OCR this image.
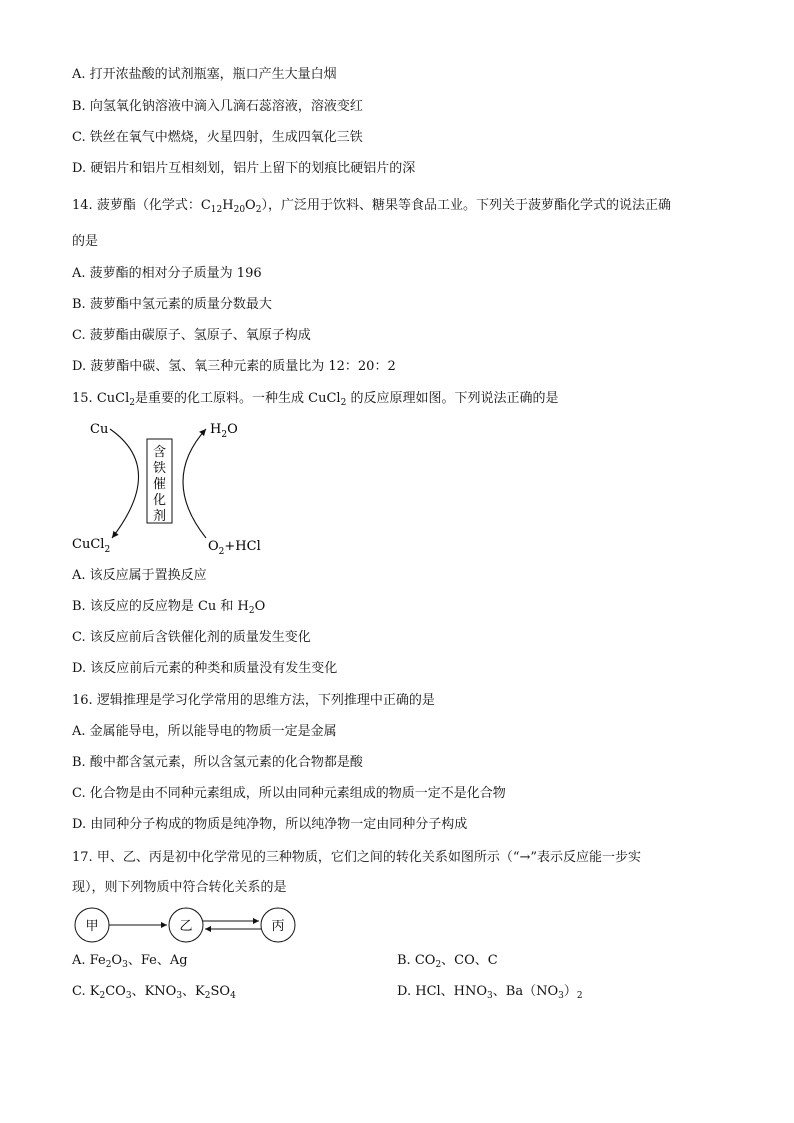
A. 打开浓盐酸的试剂瓶塞，瓶口产生大量白烟
B. 向氢氧化钠溶液中滴入几滴石蕊溶液，溶液变红
C. 铁丝在氧气中燃烧，火星四射，生成四氧化三铁
D. 硬铝片和铝片互相刻划，铝片上留下的划痕比硬铝片的深
14. 菠萝酯（化学式：$C_{12}H_{20}O_2$），广泛用于饮料、糖果等食品工业。下列关于菠萝酯化学式的说法正确
的是
A. 菠萝酯的相对分子质量为 196
B. 菠萝酯中氢元素的质量分数最大
C. 菠萝酯由碳原子、氢原子、氧原子构成
D. 菠萝酯中碳、氢、氧三种元素的质量比为 12：20：2
15. CuCl$_2$是重要的化工原料。一种生成 CuCl$_2$ 的反应原理如图。下列说法正确的是
Cu	$H_2O$
CuCl$_2$	$O_2+HCl$
含
铁
催
化
剂
A. 该反应属于置换反应
B. 该反应的反应物是 Cu 和 $H_2O$
C. 该反应前后含铁催化剂的质量发生变化
D. 该反应前后元素的种类和质量没有发生变化
16. 逻辑推理是学习化学常用的思维方法，下列推理中正确的是
A. 金属能导电，所以能导电的物质一定是金属
B. 酸中都含氢元素，所以含氢元素的化合物都是酸
C. 化合物是由不同种元素组成，所以由同种元素组成的物质一定不是化合物
D. 由同种分子构成的物质是纯净物，所以纯净物一定由同种分子构成
17. 甲、乙、丙是初中化学常见的三种物质，它们之间的转化关系如图所示（“→”表示反应能一步实
现），则下列物质中符合转化关系的是
甲	乙	丙
A. $Fe_2O_3$、Fe、Ag	B. $CO_2$、CO、C
C. $K_2CO_3$、$KNO_3$、$K_2SO_4$	D. HCl、$HNO_3$、$Ba(NO_3)_2$
